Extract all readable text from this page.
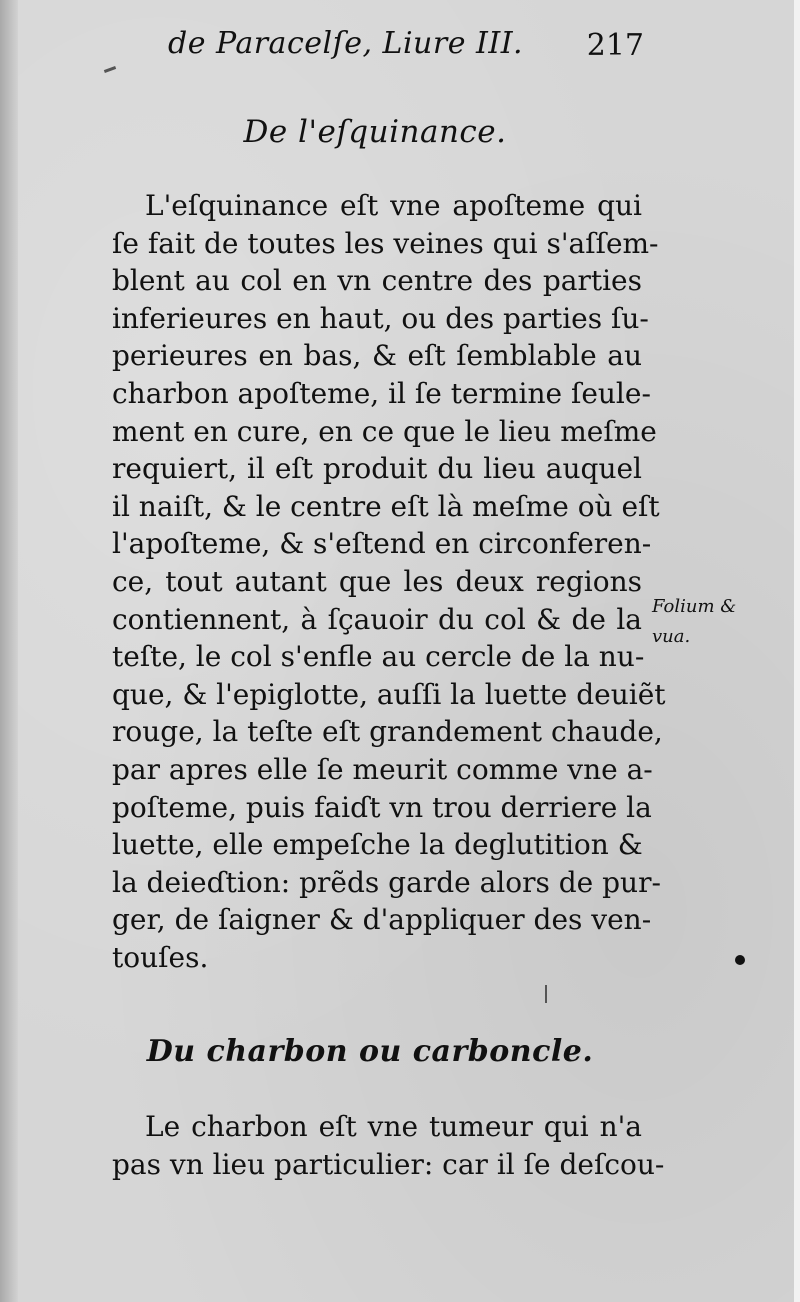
de Paracelſe, Liure III. 217
De l'eſquinance.
L'eſquinance eſt vne apoſteme qui
ſe fait de toutes les veines qui s'aſſem-
blent au col en vn centre des parties
inferieures en haut, ou des parties ſu-
perieures en bas, & eſt ſemblable au
charbon apoſteme, il ſe termine ſeule-
ment en cure, en ce que le lieu meſme
requiert, il eſt produit du lieu auquel
il naiſt, & le centre eſt là meſme où eſt
l'apoſteme, & s'eſtend en circonferen-
ce, tout autant que les deux regions
contiennent, à ſçauoir du col & de la
teſte, le col s'enfle au cercle de la nu-
que, & l'epiglotte, auſſi la luette deuiẽt
rouge, la teſte eſt grandement chaude,
par apres elle ſe meurit comme vne a-
poſteme, puis faiɗt vn trou derriere la
luette, elle empeſche la deglutition &
la deieɗtion: prẽds garde alors de pur-
ger, de ſaigner & d'appliquer des ven-
touſes.
Folium &
vua.
Du charbon ou carboncle.
Le charbon eſt vne tumeur qui n'a
pas vn lieu particulier: car il ſe deſcou-
